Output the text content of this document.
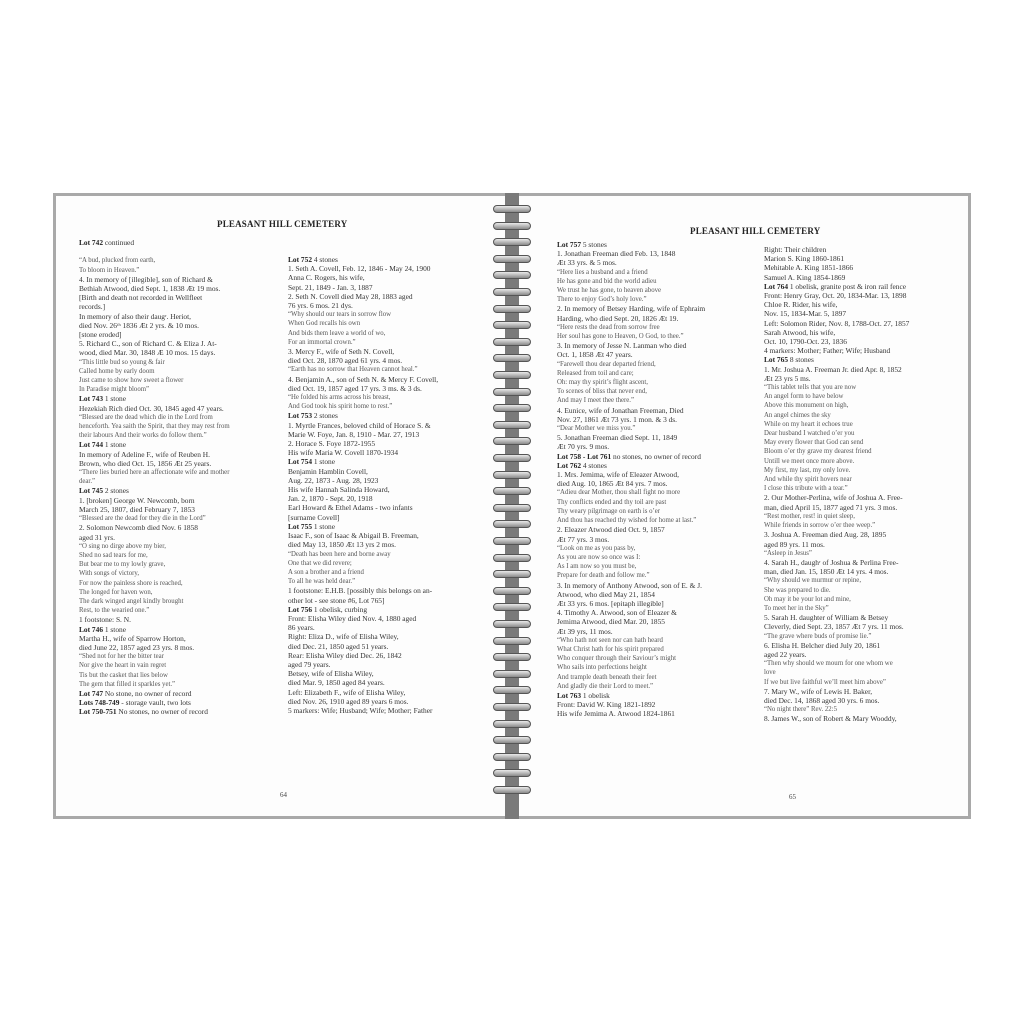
PLEASANT HILL CEMETERY
Lot 742 continued

“A bud, plucked from earth,
To bloom in Heaven.”
4. In memory of [illegible], son of Richard &
Bethiah Atwood, died Sept. 1, 1838 Æt 19 mos.
[Birth and death not recorded in Wellfleet
records.]
In memory of also their daugʳ. Heriot,
died Nov. 26ᵗʰ 1836 Æt 2 yrs. & 10 mos.
[stone eroded]
5. Richard C., son of Richard C. & Eliza J. At-
wood, died Mar. 30, 1848 Æ 10 mos. 15 days.
“This little bud so young & fair
Called home by early doom
Just came to show how sweet a flower
In Paradise might bloom”
Lot 743 1 stone
Hezekiah Rich died Oct. 30, 1845 aged 47 years.
“Blessed are the dead which die in the Lord from
henceforth. Yea saith the Spirit, that they may rest from
their labours And their works do follow them.”
Lot 744 1 stone
In memory of Adeline F., wife of Reuben H.
Brown, who died Oct. 15, 1856 Æt 25 years.
“There lies buried here an affectionate wife and mother
dear.”
Lot 745 2 stones
1. [broken] George W. Newcomb, born
March 25, 1807, died February 7, 1853
“Blessed are the dead for they die in the Lord”
2. Solomon Newcomb died Nov. 6 1858
aged 31 yrs.
“O sing no dirge above my bier,
Shed no sad tears for me,
But bear me to my lowly grave,
With songs of victory,
For now the painless shore is reached,
The longed for haven won,
The dark winged angel kindly brought
Rest, to the wearied one.”
1 footstone: S. N.
Lot 746 1 stone
Martha H., wife of Sparrow Horton,
died June 22, 1857 aged 23 yrs. 8 mos.
“Shed not for her the bitter tear
Nor give the heart in vain regret
Tis but the casket that lies below
The gem that filled it sparkles yet.”
Lot 747 No stone, no owner of record
Lots 748-749 - storage vault, two lots
Lot 750-751 No stones, no owner of record
Lot 752 4 stones
1. Seth A. Covell, Feb. 12, 1846 - May 24, 1900
Anna C. Rogers, his wife,
Sept. 21, 1849 - Jan. 3, 1887
2. Seth N. Covell died May 28, 1883 aged
76 yrs. 6 mos. 21 dys.
“Why should our tears in sorrow flow
When God recalls his own
And bids them leave a world of wo,
For an immortal crown.”
3. Mercy F., wife of Seth N. Covell,
died Oct. 28, 1870 aged 61 yrs. 4 mos.
“Earth has no sorrow that Heaven cannot heal.”
4. Benjamin A., son of Seth N. & Mercy F. Covell,
died Oct. 19, 1857 aged 17 yrs. 3 ms. & 3 ds.
“He folded his arms across his breast,
And God took his spirit home to rest.”
Lot 753 2 stones
1. Myrtle Frances, beloved child of Horace S. &
Marie W. Foye, Jan. 8, 1910 - Mar. 27, 1913
2. Horace S. Foye 1872-1955
His wife Maria W. Covell 1870-1934
Lot 754 1 stone
Benjamin Hamblin Covell,
Aug. 22, 1873 - Aug. 28, 1923
His wife Hannah Salinda Howard,
Jan. 2, 1870 - Sept. 20, 1918
Earl Howard & Ethel Adams - two infants
[surname Covell]
Lot 755 1 stone
Isaac F., son of Isaac & Abigail B. Freeman,
died May 13, 1850 Æt 13 yrs 2 mos.
“Death has been here and borne away
One that we did revere;
A son a brother and a friend
To all he was held dear.”
1 footstone: E.H.B. [possibly this belongs on an-
other lot - see stone #6, Lot 765]
Lot 756 1 obelisk, curbing
Front: Elisha Wiley died Nov. 4, 1880 aged
86 years.
Right: Eliza D., wife of Elisha Wiley,
died Dec. 21, 1850 aged 51 years.
Rear: Elisha Wiley died Dec. 26, 1842
aged 79 years.
Betsey, wife of Elisha Wiley,
died Mar. 9, 1850 aged 84 years.
Left: Elizabeth F., wife of Elisha Wiley,
died Nov. 26, 1910 aged 89 years 6 mos.
5 markers: Wife; Husband; Wife; Mother; Father
64
PLEASANT HILL CEMETERY
Lot 757 5 stones
1. Jonathan Freeman died Feb. 13, 1848
Æt 33 yrs. & 5 mos.
“Here lies a husband and a friend
He has gone and bid the world adieu
We trust he has gone, to heaven above
There to enjoy God’s holy love.”
2. In memory of Betsey Harding, wife of Ephraim
Harding, who died Sept. 20, 1826 Æt 19.
“Here rests the dead from sorrow free
Her soul has gone to Heaven, O God, to thee.”
3. In memory of Jesse N. Lanman who died
Oct. 1, 1858 Æt 47 years.
“Farewell thou dear departed friend,
Released from toil and care;
Oh: may thy spirit’s flight ascent,
To scenes of bliss that never end,
And may I meet thee there.”
4. Eunice, wife of Jonathan Freeman, Died
Nov. 27, 1861 Æt 73 yrs. 1 mon. & 3 ds.
“Dear Mother we miss you.”
5. Jonathan Freeman died Sept. 11, 1849
Æt 70 yrs. 9 mos.
Lot 758 - Lot 761 no stones, no owner of record
Lot 762 4 stones
1. Mrs. Jemima, wife of Eleazer Atwood,
died Aug. 10, 1865 Æt 84 yrs. 7 mos.
“Adieu dear Mother, thou shall fight no more
Thy conflicts ended and thy toil are past
Thy weary pilgrimage on earth is o’er
And thou has reached thy wished for home at last.”
2. Eleazer Atwood died Oct. 9, 1857
Æt 77 yrs. 3 mos.
“Look on me as you pass by,
As you are now so once was I:
As I am now so you must be,
Prepare for death and follow me.”
3. In memory of Anthony Atwood, son of E. & J.
Atwood, who died May 21, 1854
Æt 33 yrs. 6 mos. [epitaph illegible]
4. Timothy A. Atwood, son of Eleazer &
Jemima Atwood, died Mar. 20, 1855
Æt 39 yrs, 11 mos.
“Who hath not seen nor can hath heard
What Christ hath for his spirit prepared
Who conquer through their Saviour’s might
Who sails into perfections height
And trample death beneath their feet
And gladly die their Lord to meet.”
Lot 763 1 obelisk
Front: David W. King 1821-1892
His wife Jemima A. Atwood 1824-1861
Right: Their children
Marion S. King 1860-1861
Mehitable A. King 1851-1866
Samuel A. King 1854-1869
Lot 764 1 obelisk, granite post & iron rail fence
Front: Henry Gray, Oct. 20, 1834-Mar. 13, 1898
Chloe R. Rider, his wife,
Nov. 15, 1834-Mar. 5, 1897
Left: Solomon Rider, Nov. 8, 1788-Oct. 27, 1857
Sarah Atwood, his wife,
Oct. 10, 1790-Oct. 23, 1836
4 markers: Mother; Father; Wife; Husband
Lot 765 8 stones
1. Mr. Joshua A. Freeman Jr. died Apr. 8, 1852
Æt 23 yrs 5 ms.
“This tablet tells that you are now
An angel form to have below
Above this monument on high,
An angel chimes the sky
While on my heart it echoes true
Dear husband I watched o’er you
May every flower that God can send
Bloom o’er thy grave my dearest friend
Untill we meet once more above.
My first, my last, my only love.
And while thy spirit hovers near
I close this tribute with a tear.”
2. Our Mother-Perlina, wife of Joshua A. Free-
man, died April 15, 1877 aged 71 yrs. 3 mos.
“Rest mother, rest! in quiet sleep,
While friends in sorrow o’er thee weep.”
3. Joshua A. Freeman died Aug. 28, 1895
aged 89 yrs. 11 mos.
“Asleep in Jesus”
4. Sarah H., daughʳ of Joshua & Perlina Free-
man, died Jan. 15, 1850 Æt 14 yrs. 4 mos.
“Why should we murmur or repine,
She was prepared to die.
Oh may it be your lot and mine,
To meet her in the Sky”
5. Sarah H. daughter of William & Betsey
Cleverly, died Sept. 23, 1857 Æt 7 yrs. 11 mos.
“The grave where buds of promise lie.”
6. Elisha H. Belcher died July 20, 1861
aged 22 years.
“Then why should we mourn for one whom we
love
If we but live faithful we’ll meet him above”
7. Mary W., wife of Lewis H. Baker,
died Dec. 14, 1868 aged 30 yrs. 6 mos.
“No night there” Rev. 22:5
8. James W., son of Robert & Mary Wooddy,
65
